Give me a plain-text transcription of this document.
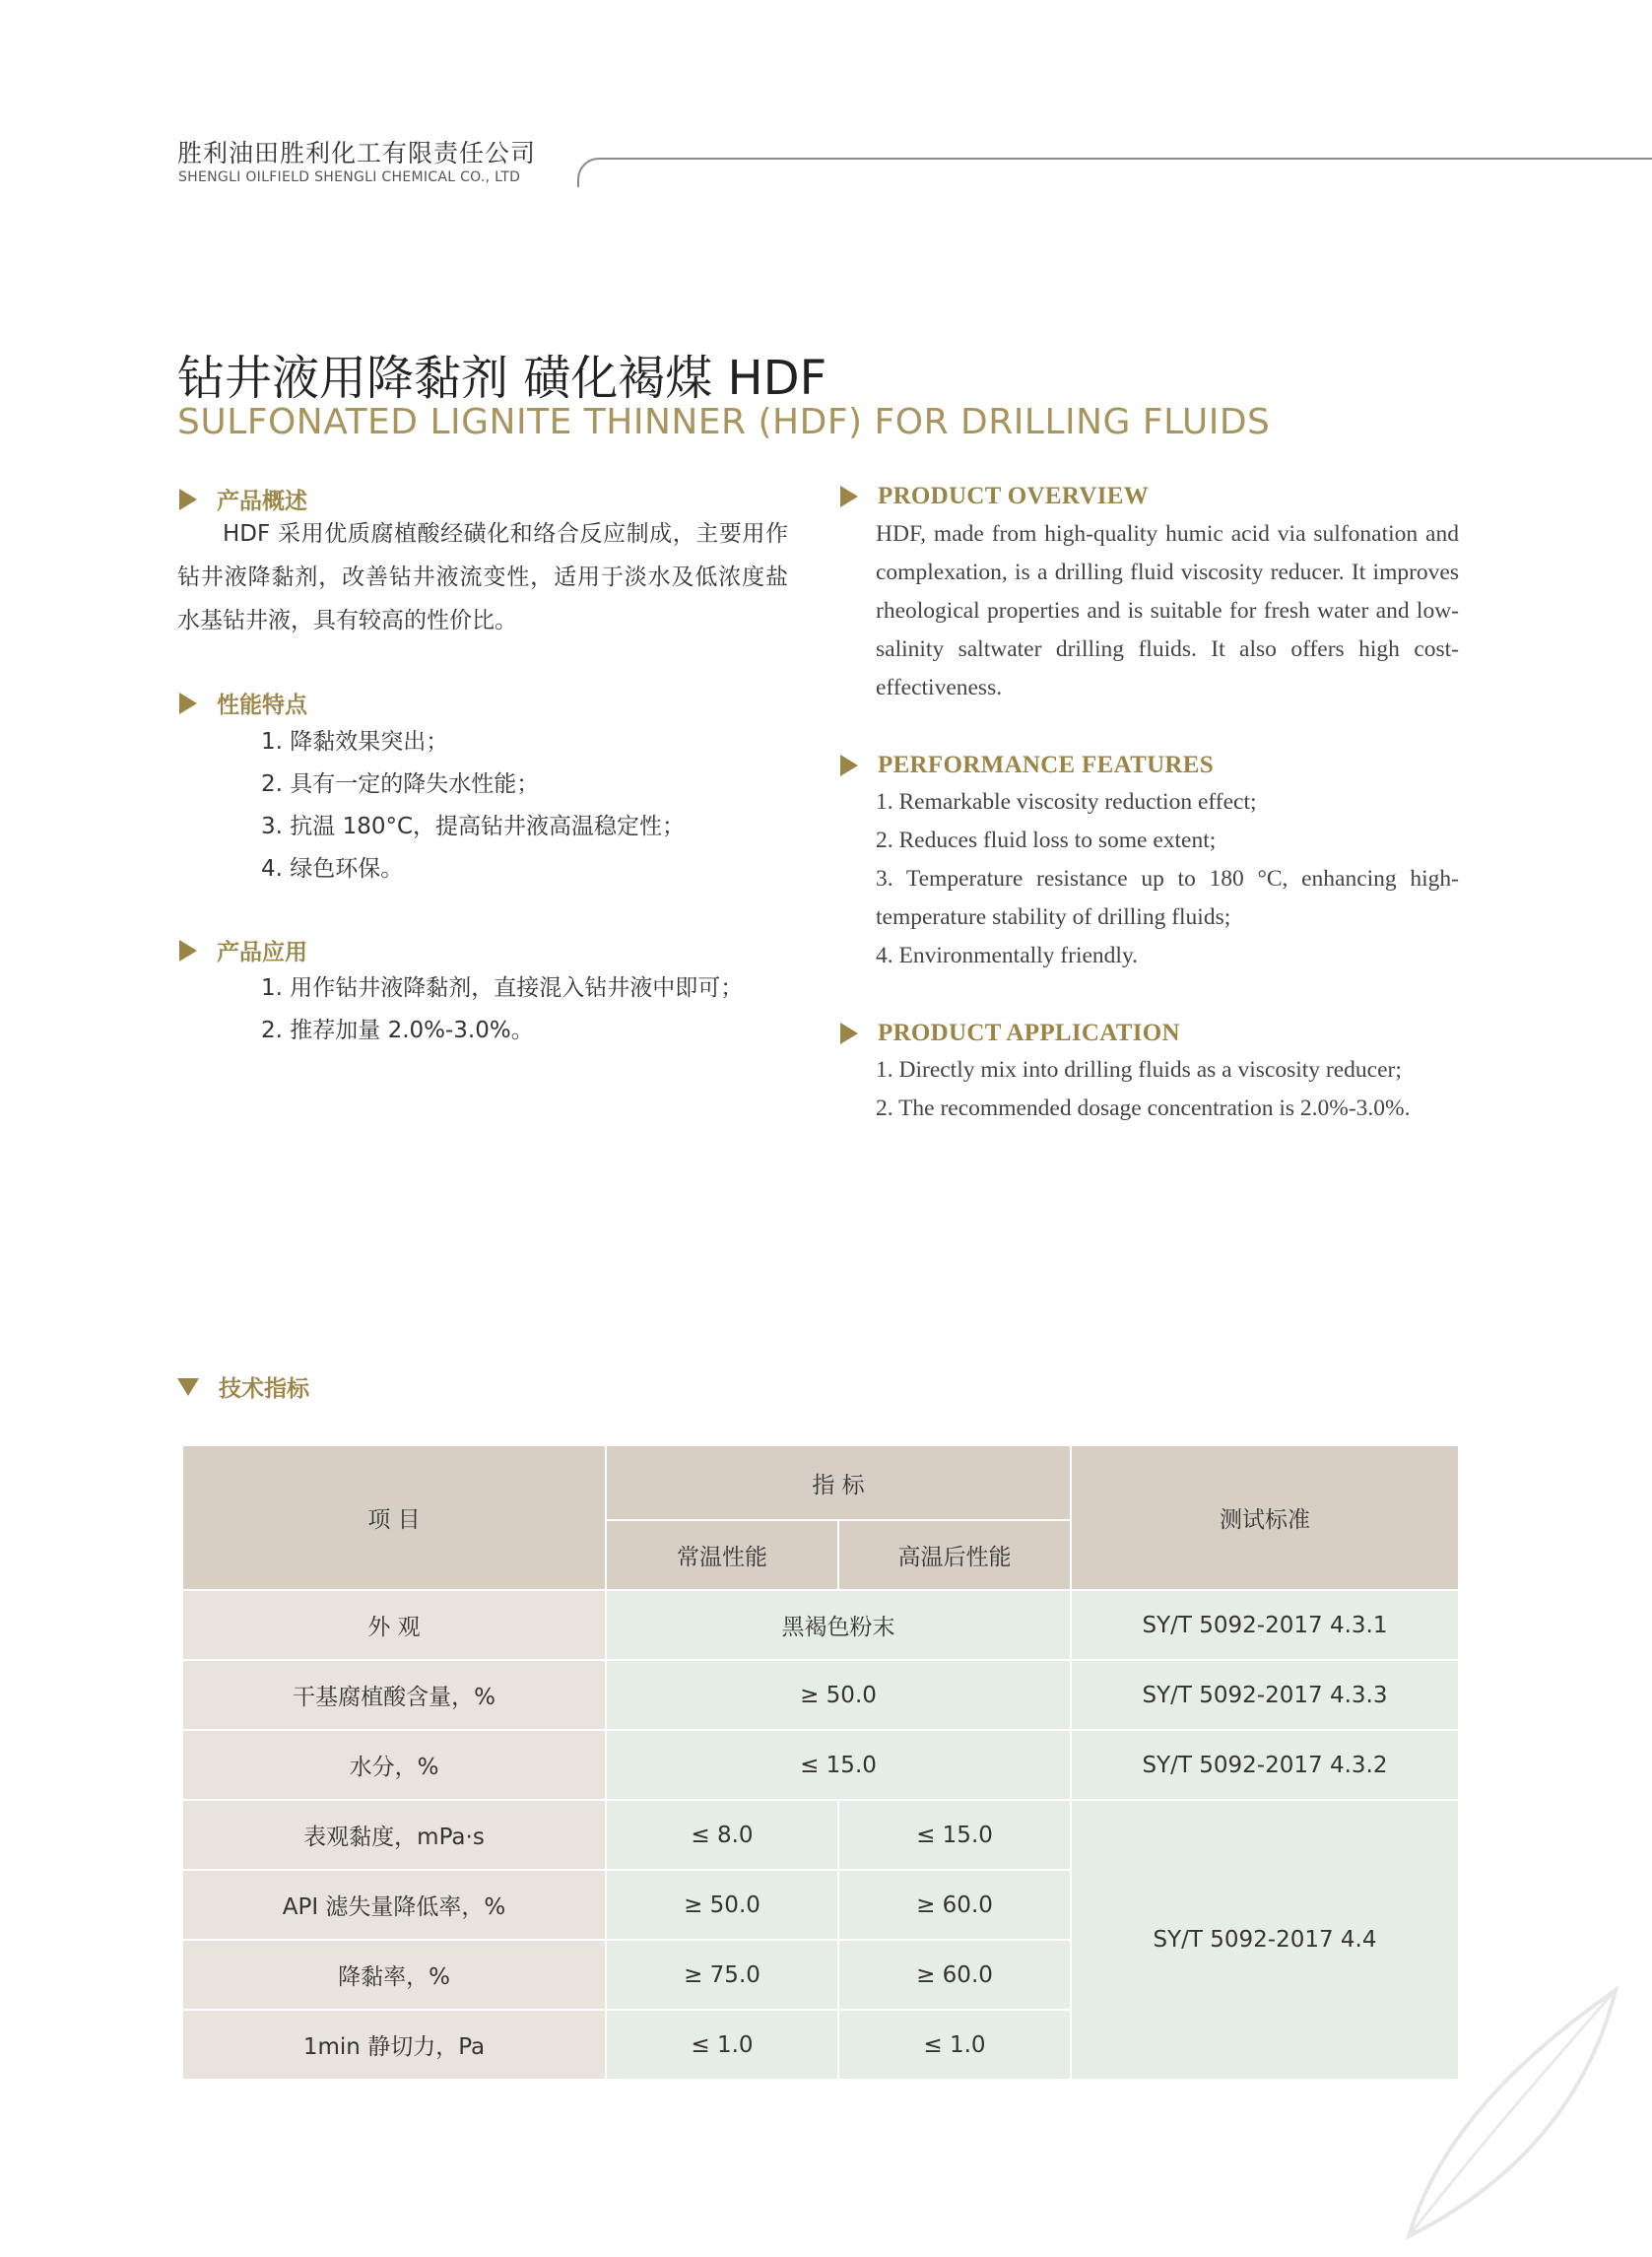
胜利油田胜利化工有限责任公司
SHENGLI OILFIELD SHENGLI CHEMICAL CO., LTD
钻井液用降黏剂 磺化褐煤 HDF
SULFONATED LIGNITE THINNER (HDF) FOR DRILLING FLUIDS
产品概述
HDF 采用优质腐植酸经磺化和络合反应制成，主要用作钻井液降黏剂，改善钻井液流变性，适用于淡水及低浓度盐水基钻井液，具有较高的性价比。
性能特点
1. 降黏效果突出；
2. 具有一定的降失水性能；
3. 抗温 180°C，提高钻井液高温稳定性；
4. 绿色环保。
产品应用
1. 用作钻井液降黏剂，直接混入钻井液中即可；
2. 推荐加量 2.0%-3.0%。
PRODUCT OVERVIEW
HDF, made from high-quality humic acid via sulfonation and complexation, is a drilling fluid viscosity reducer. It improves rheological properties and is suitable for fresh water and low-salinity saltwater drilling fluids. It also offers high cost-effectiveness.
PERFORMANCE FEATURES
1. Remarkable viscosity reduction effect;
2. Reduces fluid loss to some extent;
3. Temperature resistance up to 180 °C, enhancing high-temperature stability of drilling fluids;
4. Environmentally friendly.
PRODUCT APPLICATION
1. Directly mix into drilling fluids as a viscosity reducer;
2. The recommended dosage concentration is 2.0%-3.0%.
技术指标
项 目	指 标		测试标准
	常温性能	高温后性能	
外 观	黑褐色粉末		SY/T 5092-2017 4.3.1
干基腐植酸含量，%	≥ 50.0		SY/T 5092-2017 4.3.3
水分，%	≤ 15.0		SY/T 5092-2017 4.3.2
表观黏度，mPa·s	≤ 8.0	≤ 15.0	SY/T 5092-2017 4.4
API 滤失量降低率，%	≥ 50.0	≥ 60.0	
降黏率，%	≥ 75.0	≥ 60.0	
1min 静切力，Pa	≤ 1.0	≤ 1.0	
